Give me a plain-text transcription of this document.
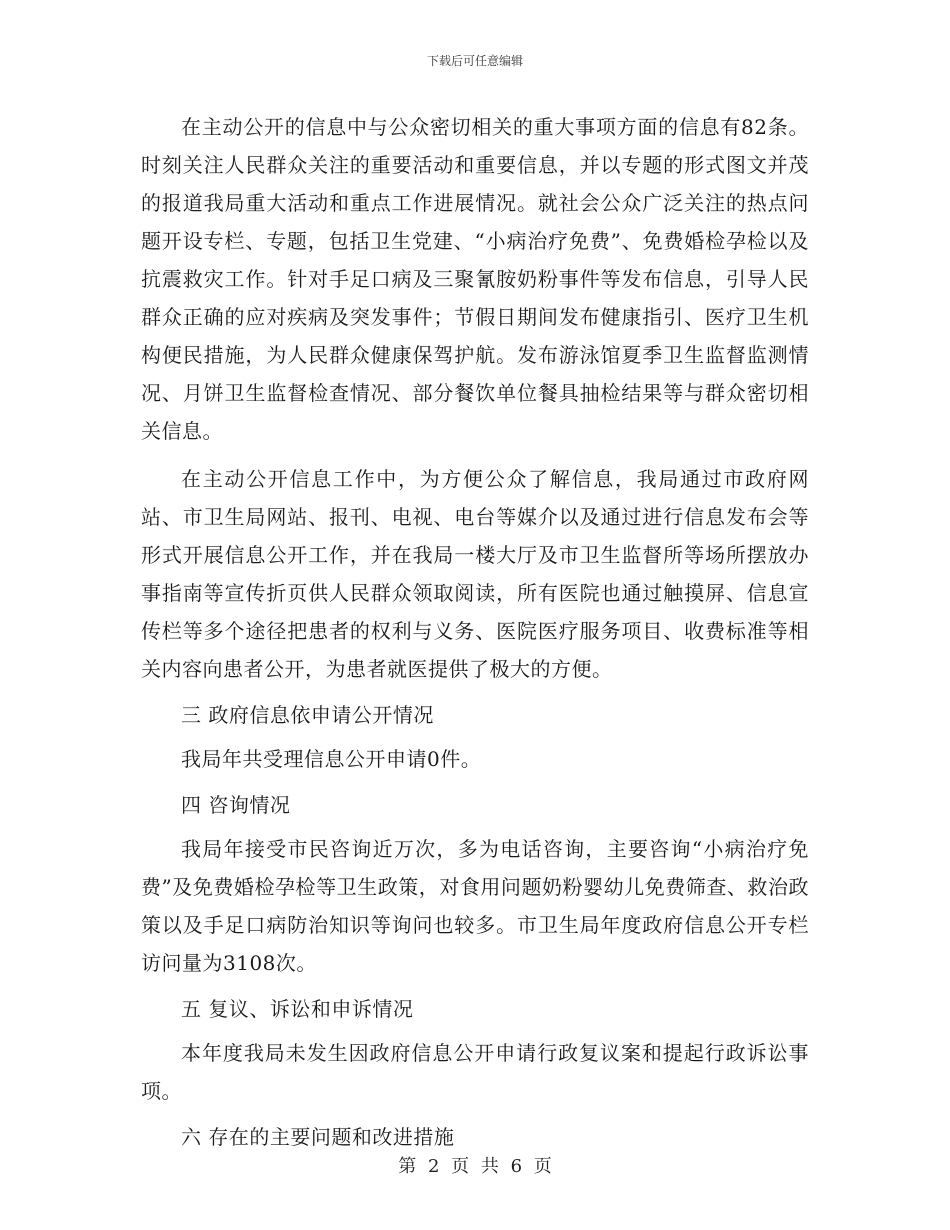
下载后可任意编辑

在主动公开的信息中与公众密切相关的重大事项方面的信息有82条。时刻关注人民群众关注的重要活动和重要信息，并以专题的形式图文并茂的报道我局重大活动和重点工作进展情况。就社会公众广泛关注的热点问题开设专栏、专题，包括卫生党建、“小病治疗免费”、免费婚检孕检以及抗震救灾工作。针对手足口病及三聚氰胺奶粉事件等发布信息，引导人民群众正确的应对疾病及突发事件；节假日期间发布健康指引、医疗卫生机构便民措施，为人民群众健康保驾护航。发布游泳馆夏季卫生监督监测情况、月饼卫生监督检查情况、部分餐饮单位餐具抽检结果等与群众密切相关信息。

在主动公开信息工作中，为方便公众了解信息，我局通过市政府网站、市卫生局网站、报刊、电视、电台等媒介以及通过进行信息发布会等形式开展信息公开工作，并在我局一楼大厅及市卫生监督所等场所摆放办事指南等宣传折页供人民群众领取阅读，所有医院也通过触摸屏、信息宣传栏等多个途径把患者的权利与义务、医院医疗服务项目、收费标准等相关内容向患者公开，为患者就医提供了极大的方便。

三 政府信息依申请公开情况

我局年共受理信息公开申请0件。

四 咨询情况

我局年接受市民咨询近万次，多为电话咨询，主要咨询“小病治疗免费”及免费婚检孕检等卫生政策，对食用问题奶粉婴幼儿免费筛查、救治政策以及手足口病防治知识等询问也较多。市卫生局年度政府信息公开专栏访问量为3108次。

五 复议、诉讼和申诉情况

本年度我局未发生因政府信息公开申请行政复议案和提起行政诉讼事项。

六 存在的主要问题和改进措施

第 2 页 共 6 页
